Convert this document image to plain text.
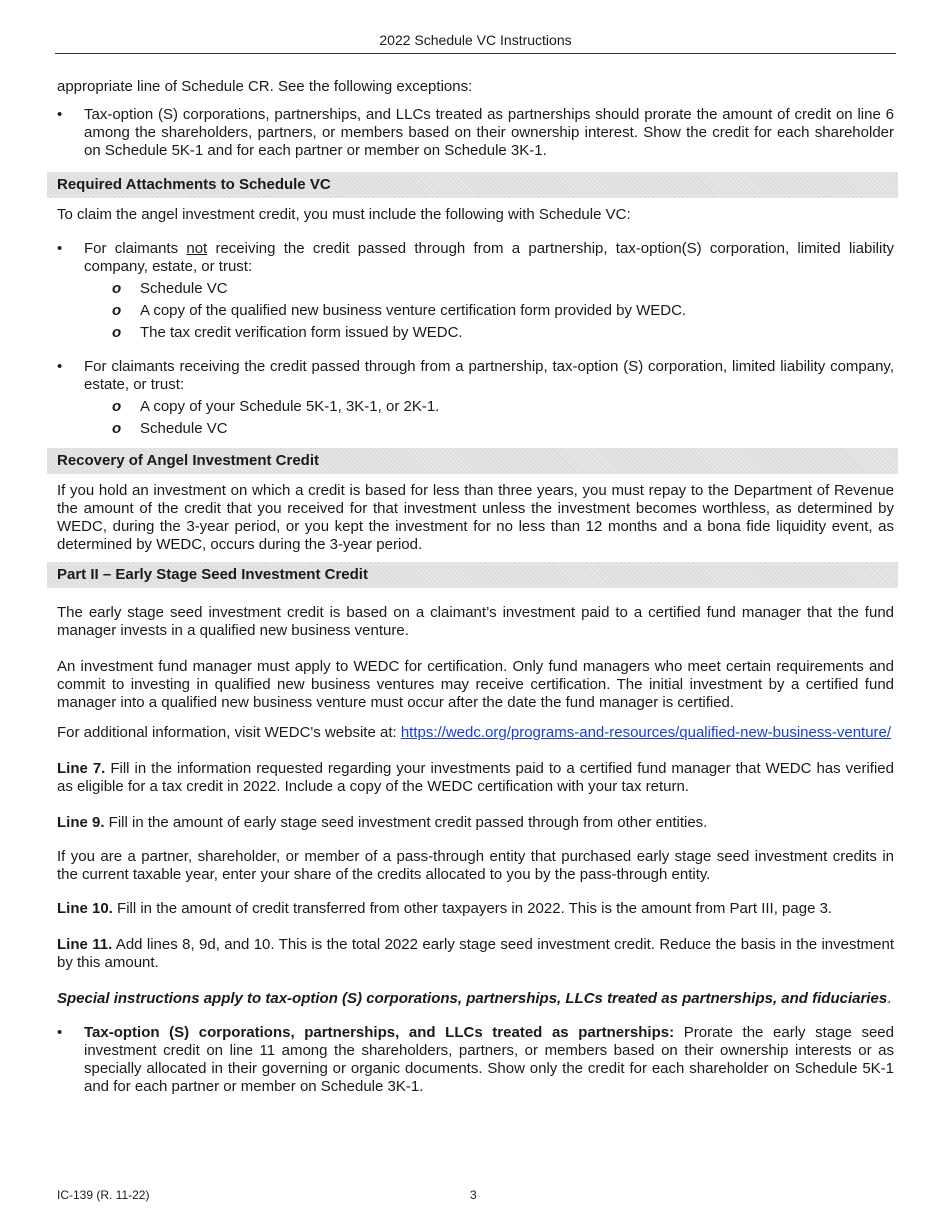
2022 Schedule VC Instructions

appropriate line of Schedule CR. See the following exceptions:

•	Tax-option (S) corporations, partnerships, and LLCs treated as partnerships should prorate the amount of credit on line 6 among the shareholders, partners, or members based on their ownership interest. Show the credit for each shareholder on Schedule 5K-1 and for each partner or member on Schedule 3K-1.
Required Attachments to Schedule VC

To claim the angel investment credit, you must include the following with Schedule VC:

•	For claimants not receiving the credit passed through from a partnership, tax-option(S) corporation, limited liability company, estate, or trust:
o	Schedule VC
o	A copy of the qualified new business venture certification form provided by WEDC.
o	The tax credit verification form issued by WEDC.
•	For claimants receiving the credit passed through from a partnership, tax-option (S) corporation, limited liability company, estate, or trust:
o	A copy of your Schedule 5K-1, 3K-1, or 2K-1.
o	Schedule VC
Recovery of Angel Investment Credit

If you hold an investment on which a credit is based for less than three years, you must repay to the Department of Revenue the amount of the credit that you received for that investment unless the investment becomes worthless, as determined by WEDC, during the 3-year period, or you kept the investment for no less than 12 months and a bona fide liquidity event, as determined by WEDC, occurs during the 3-year period.

Part II – Early Stage Seed Investment Credit

The early stage seed investment credit is based on a claimant’s investment paid to a certified fund manager that the fund manager invests in a qualified new business venture.

An investment fund manager must apply to WEDC for certification. Only fund managers who meet certain requirements and commit to investing in qualified new business ventures may receive certification. The initial investment by a certified fund manager into a qualified new business venture must occur after the date the fund manager is certified.

For additional information, visit WEDC's website at: https://wedc.org/programs-and-resources/qualified-new-business-venture/

Line 7. Fill in the information requested regarding your investments paid to a certified fund manager that WEDC has verified as eligible for a tax credit in 2022. Include a copy of the WEDC certification with your tax return.

Line 9. Fill in the amount of early stage seed investment credit passed through from other entities.

If you are a partner, shareholder, or member of a pass-through entity that purchased early stage seed investment credits in the current taxable year, enter your share of the credits allocated to you by the pass-through entity.

Line 10. Fill in the amount of credit transferred from other taxpayers in 2022. This is the amount from Part III, page 3.

Line 11. Add lines 8, 9d, and 10. This is the total 2022 early stage seed investment credit. Reduce the basis in the investment by this amount.

Special instructions apply to tax-option (S) corporations, partnerships, LLCs treated as partnerships, and fiduciaries.

•	Tax-option (S) corporations, partnerships, and LLCs treated as partnerships: Prorate the early stage seed investment credit on line 11 among the shareholders, partners, or members based on their ownership interests or as specially allocated in their governing or organic documents. Show only the credit for each shareholder on Schedule 5K-1 and for each partner or member on Schedule 3K-1.
IC-139 (R. 11-22)	3
